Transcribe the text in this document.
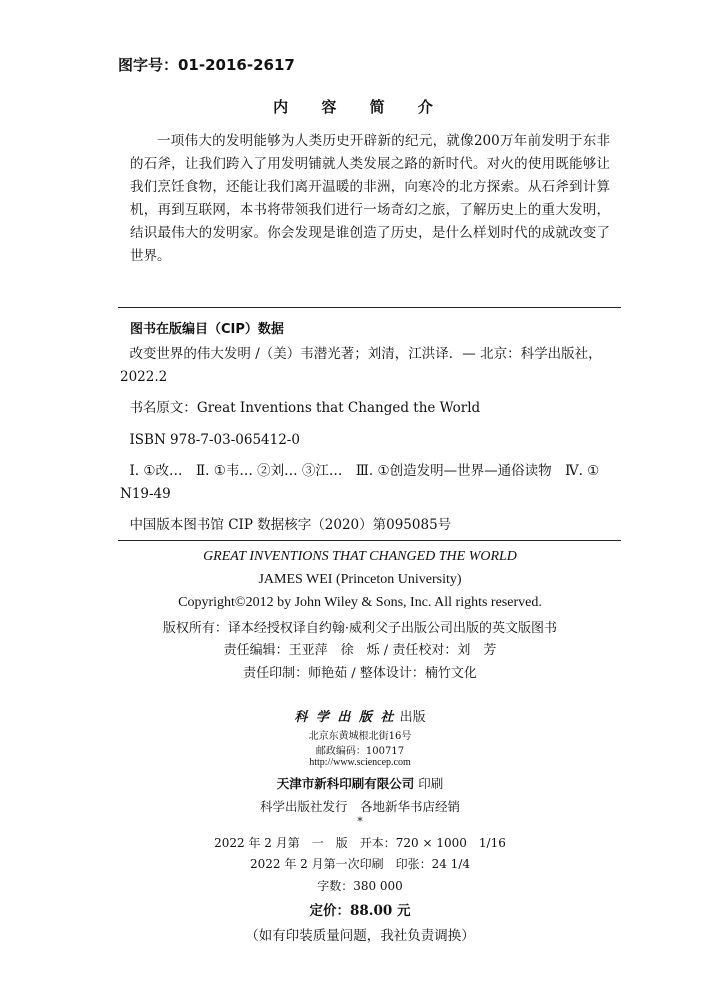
图字号：01-2016-2617
内 容 简 介

一项伟大的发明能够为人类历史开辟新的纪元，就像200万年前发明于东非的石斧，让我们跨入了用发明铺就人类发展之路的新时代。对火的使用既能够让我们烹饪食物，还能让我们离开温暖的非洲，向寒冷的北方探索。从石斧到计算机，再到互联网，本书将带领我们进行一场奇幻之旅，了解历史上的重大发明，结识最伟大的发明家。你会发现是谁创造了历史，是什么样划时代的成就改变了世界。

图书在版编目（CIP）数据
改变世界的伟大发明 /（美）韦潜光著；刘清，江洪译．— 北京：科学出版社，2022.2
书名原文：Great Inventions that Changed the World
ISBN 978-7-03-065412-0
Ⅰ. ①改…　Ⅱ. ①韦… ②刘… ③江…　Ⅲ. ①创造发明—世界—通俗读物　Ⅳ. ① N19-49
中国版本图书馆 CIP 数据核字（2020）第095085号
GREAT INVENTIONS THAT CHANGED THE WORLD
JAMES WEI (Princeton University)
Copyright©2012 by John Wiley & Sons, Inc. All rights reserved.
版权所有：译本经授权译自约翰·威利父子出版公司出版的英文版图书
责任编辑：王亚萍　徐　烁 / 责任校对：刘　芳
责任印制：师艳茹 / 整体设计：楠竹文化
科 学 出 版 社 出版
北京东黄城根北街16号
邮政编码：100717
http://www.sciencep.com
天津市新科印刷有限公司 印刷
科学出版社发行　各地新华书店经销
*
2022 年 2 月第　一　版　开本：720 × 1000　1/16
2022 年 2 月第一次印刷　印张：24 1/4
字数：380 000
定价：88.00 元
（如有印装质量问题，我社负责调换）
